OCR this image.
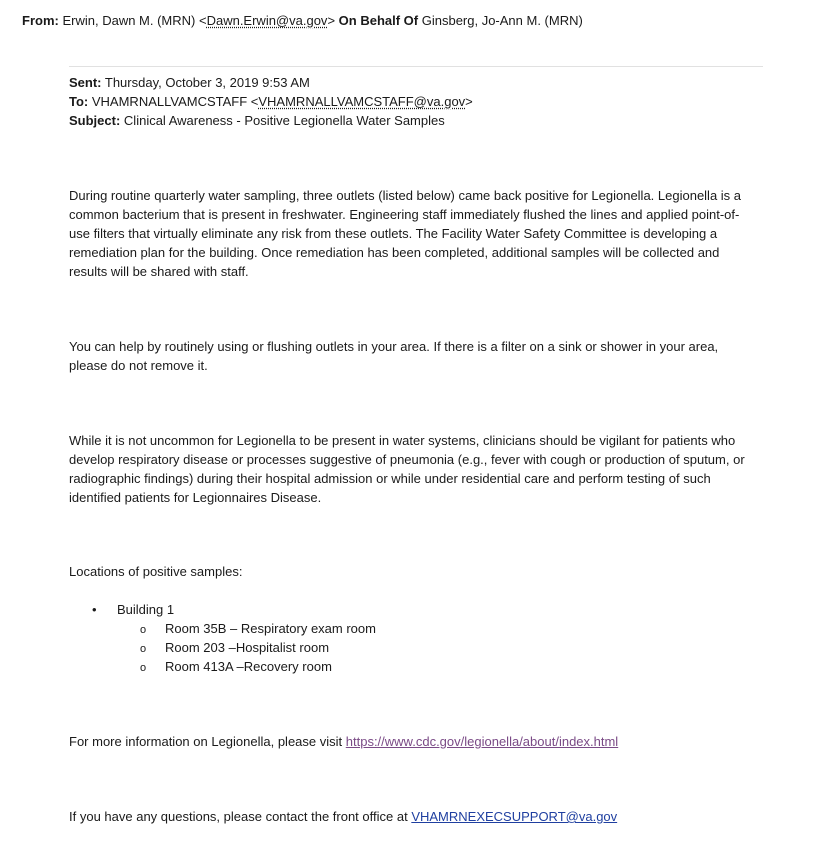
From: Erwin, Dawn M. (MRN) <Dawn.Erwin@va.gov> On Behalf Of Ginsberg, Jo-Ann M. (MRN)
Sent: Thursday, October 3, 2019 9:53 AM
To: VHAMRNALLVAMCSTAFF <VHAMRNALLVAMCSTAFF@va.gov>
Subject: Clinical Awareness - Positive Legionella Water Samples

During routine quarterly water sampling, three outlets (listed below) came back positive for Legionella. Legionella is a common bacterium that is present in freshwater. Engineering staff immediately flushed the lines and applied point-of-use filters that virtually eliminate any risk from these outlets. The Facility Water Safety Committee is developing a remediation plan for the building. Once remediation has been completed, additional samples will be collected and results will be shared with staff.

You can help by routinely using or flushing outlets in your area. If there is a filter on a sink or shower in your area, please do not remove it.

While it is not uncommon for Legionella to be present in water systems, clinicians should be vigilant for patients who develop respiratory disease or processes suggestive of pneumonia (e.g., fever with cough or production of sputum, or radiographic findings) during their hospital admission or while under residential care and perform testing of such identified patients for Legionnaires Disease.

Locations of positive samples:

• Building 1
o Room 35B – Respiratory exam room
o Room 203 –Hospitalist room
o Room 413A –Recovery room

For more information on Legionella, please visit https://www.cdc.gov/legionella/about/index.html

If you have any questions, please contact the front office at VHAMRNEXECSUPPORT@va.gov
